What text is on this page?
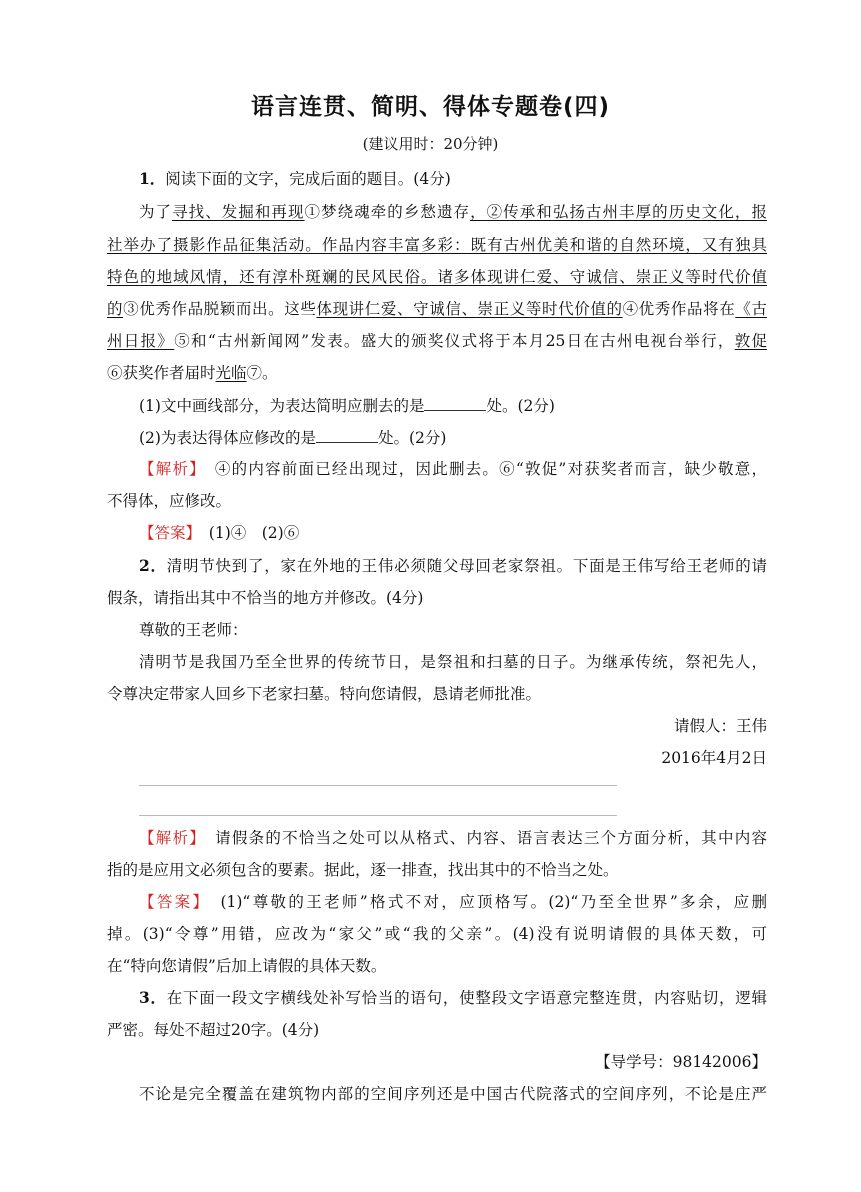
语言连贯、简明、得体专题卷(四)
(建议用时：20分钟)
1．阅读下面的文字，完成后面的题目。(4分)
为了寻找、发掘和再现①梦绕魂牵的乡愁遗存，②传承和弘扬古州丰厚的历史文化，报
社举办了摄影作品征集活动。作品内容丰富多彩：既有古州优美和谐的自然环境，又有独具
特色的地域风情，还有淳朴斑斓的民风民俗。诸多体现讲仁爱、守诚信、崇正义等时代价值
的③优秀作品脱颖而出。这些体现讲仁爱、守诚信、崇正义等时代价值的④优秀作品将在《古
州日报》⑤和“古州新闻网”发表。盛大的颁奖仪式将于本月25日在古州电视台举行，敦促
⑥获奖作者届时光临⑦。
(1)文中画线部分，为表达简明应删去的是	处。(2分)
(2)为表达得体应修改的是	处。(2分)
【解析】　 ④的内容前面已经出现过，因此删去。⑥“敦促”对获奖者而言，缺少敬意，
不得体，应修改。
【答案】　 (1)④　(2)⑥
2．清明节快到了，家在外地的王伟必须随父母回老家祭祖。下面是王伟写给王老师的请
假条，请指出其中不恰当的地方并修改。(4分)
尊敬的王老师：
清明节是我国乃至全世界的传统节日，是祭祖和扫墓的日子。为继承传统，祭祀先人，
令尊决定带家人回乡下老家扫墓。特向您请假，恳请老师批准。
请假人：王伟
2016年4月2日
【解析】　 请假条的不恰当之处可以从格式、内容、语言表达三个方面分析，其中内容
指的是应用文必须包含的要素。据此，逐一排查，找出其中的不恰当之处。
【答案】　 (1)“尊敬的王老师”格式不对，应顶格写。(2)“乃至全世界”多余，应删
掉。(3)“令尊”用错，应改为“家父”或“我的父亲”。(4)没有说明请假的具体天数，可
在“特向您请假”后加上请假的具体天数。
3．在下面一段文字横线处补写恰当的语句，使整段文字语意完整连贯，内容贴切，逻辑
严密。每处不超过20字。(4分)
【导学号：98142006】
不论是完全覆盖在建筑物内部的空间序列还是中国古代院落式的空间序列，不论是庄严
